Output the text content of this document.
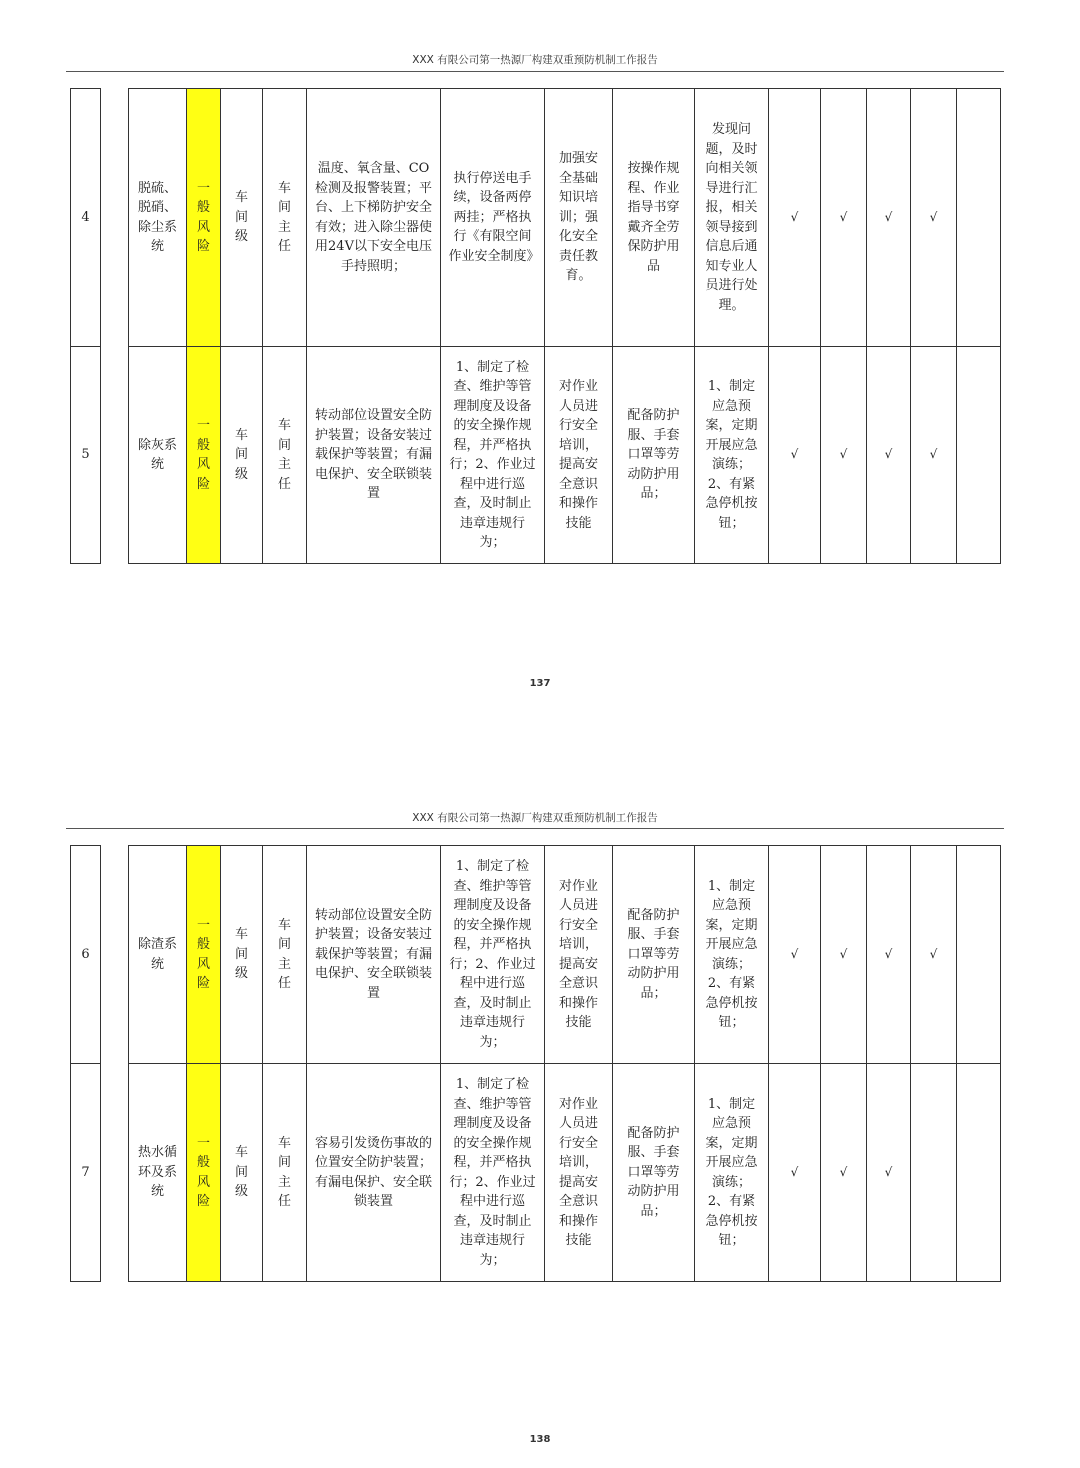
XXX 有限公司第一热源厂构建双重预防机制工作报告
4		脱硫、脱硝、除尘系统	一般风险	车间级	车间主任	温度、氧含量、CO检测及报警装置；平台、上下梯防护安全有效；进入除尘器使用24V以下安全电压手持照明；	执行停送电手续，设备两停两挂；严格执行《有限空间作业安全制度》	加强安全基础知识培训；强化安全责任教育。	按操作规程、作业指导书穿戴齐全劳保防护用品	发现问题，及时向相关领导进行汇报，相关领导接到信息后通知专业人员进行处理。	√	√	√	√	
5		除灰系统	一般风险	车间级	车间主任	转动部位设置安全防护装置；设备安装过载保护等装置；有漏电保护、安全联锁装置	1、制定了检查、维护等管理制度及设备的安全操作规程，并严格执行；2、作业过程中进行巡查，及时制止违章违规行为；	对作业人员进行安全培训，提高安全意识和操作技能	配备防护服、手套口罩等劳动防护用品；	1、制定应急预案，定期开展应急演练；2、有紧急停机按钮；	√	√	√	√	
137
XXX 有限公司第一热源厂构建双重预防机制工作报告
6		除渣系统	一般风险	车间级	车间主任	转动部位设置安全防护装置；设备安装过载保护等装置；有漏电保护、安全联锁装置	1、制定了检查、维护等管理制度及设备的安全操作规程，并严格执行；2、作业过程中进行巡查，及时制止违章违规行为；	对作业人员进行安全培训，提高安全意识和操作技能	配备防护服、手套口罩等劳动防护用品；	1、制定应急预案，定期开展应急演练；2、有紧急停机按钮；	√	√	√	√	
7		热水循环及系统	一般风险	车间级	车间主任	容易引发烫伤事故的位置安全防护装置；有漏电保护、安全联锁装置	1、制定了检查、维护等管理制度及设备的安全操作规程，并严格执行；2、作业过程中进行巡查，及时制止违章违规行为；	对作业人员进行安全培训，提高安全意识和操作技能	配备防护服、手套口罩等劳动防护用品；	1、制定应急预案，定期开展应急演练；2、有紧急停机按钮；	√	√	√		
138
